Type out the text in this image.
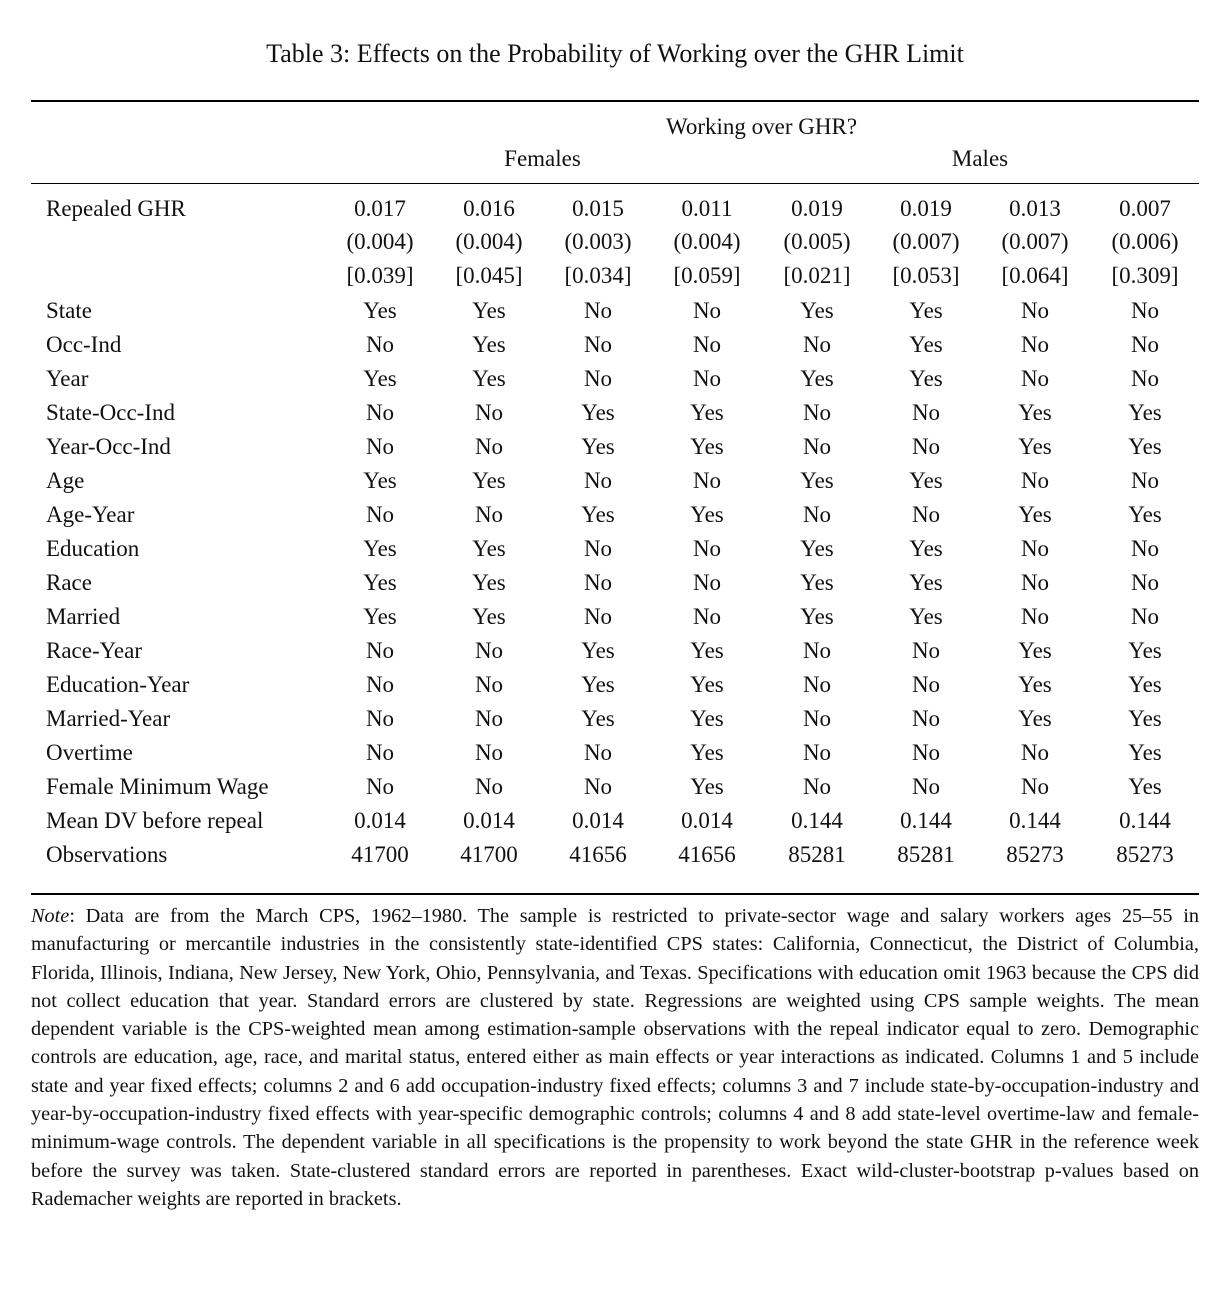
Table 3: Effects on the Probability of Working over the GHR Limit
Working over GHR?
Females	Males
Repealed GHR	0.017	0.016	0.015	0.011	0.019	0.019	0.013	0.007
(0.004)	(0.004)	(0.003)	(0.004)	(0.005)	(0.007)	(0.007)	(0.006)
[0.039]	[0.045]	[0.034]	[0.059]	[0.021]	[0.053]	[0.064]	[0.309]
State	Yes	Yes	No	No	Yes	Yes	No	No
Occ-Ind	No	Yes	No	No	No	Yes	No	No
Year	Yes	Yes	No	No	Yes	Yes	No	No
State-Occ-Ind	No	No	Yes	Yes	No	No	Yes	Yes
Year-Occ-Ind	No	No	Yes	Yes	No	No	Yes	Yes
Age	Yes	Yes	No	No	Yes	Yes	No	No
Age-Year	No	No	Yes	Yes	No	No	Yes	Yes
Education	Yes	Yes	No	No	Yes	Yes	No	No
Race	Yes	Yes	No	No	Yes	Yes	No	No
Married	Yes	Yes	No	No	Yes	Yes	No	No
Race-Year	No	No	Yes	Yes	No	No	Yes	Yes
Education-Year	No	No	Yes	Yes	No	No	Yes	Yes
Married-Year	No	No	Yes	Yes	No	No	Yes	Yes
Overtime	No	No	No	Yes	No	No	No	Yes
Female Minimum Wage	No	No	No	Yes	No	No	No	Yes
Mean DV before repeal	0.014	0.014	0.014	0.014	0.144	0.144	0.144	0.144
Observations	41700	41700	41656	41656	85281	85281	85273	85273

Note: Data are from the March CPS, 1962–1980. The sample is restricted to private-sector wage and salary workers ages 25–55 in manufacturing or mercantile industries in the consistently state-identified CPS states: California, Connecticut, the District of Columbia, Florida, Illinois, Indiana, New Jersey, New York, Ohio, Pennsylvania, and Texas. Specifications with education omit 1963 because the CPS did not collect education that year. Standard errors are clustered by state. Regressions are weighted using CPS sample weights. The mean dependent variable is the CPS-weighted mean among estimation-sample observations with the repeal indicator equal to zero. Demographic controls are education, age, race, and marital status, entered either as main effects or year interactions as indicated. Columns 1 and 5 include state and year fixed effects; columns 2 and 6 add occupation-industry fixed effects; columns 3 and 7 include state-by-occupation-industry and year-by-occupation-industry fixed effects with year-specific demographic controls; columns 4 and 8 add state-level overtime-law and female-minimum-wage controls. The dependent variable in all specifications is the propensity to work beyond the state GHR in the reference week before the survey was taken. State-clustered standard errors are reported in parentheses. Exact wild-cluster-bootstrap p-values based on Rademacher weights are reported in brackets.
